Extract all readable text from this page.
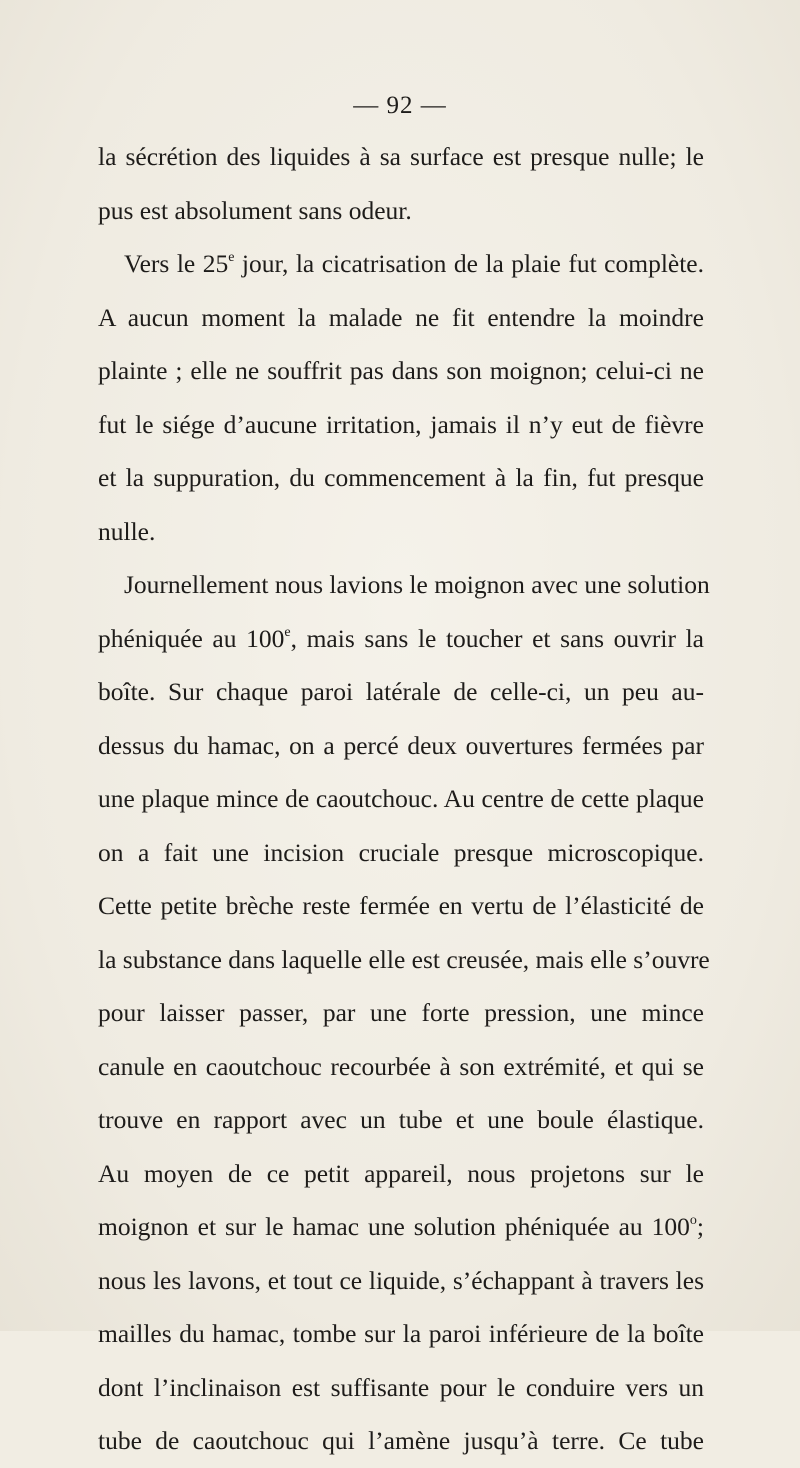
— 92 —
la sécrétion des liquides à sa surface est presque nulle; le
pus est absolument sans odeur.
Vers le 25e jour, la cicatrisation de la plaie fut complète.
A aucun moment la malade ne fit entendre la moindre
plainte ; elle ne souffrit pas dans son moignon; celui-ci ne
fut le siége d’aucune irritation, jamais il n’y eut de fièvre
et la suppuration, du commencement à la fin, fut presque
nulle.
Journellement nous lavions le moignon avec une solution
phéniquée au 100e, mais sans le toucher et sans ouvrir la
boîte. Sur chaque paroi latérale de celle-ci, un peu au-
dessus du hamac, on a percé deux ouvertures fermées par
une plaque mince de caoutchouc. Au centre de cette plaque
on a fait une incision cruciale presque microscopique.
Cette petite brèche reste fermée en vertu de l’élasticité de
la substance dans laquelle elle est creusée, mais elle s’ouvre
pour laisser passer, par une forte pression, une mince
canule en caoutchouc recourbée à son extrémité, et qui se
trouve en rapport avec un tube et une boule élastique.
Au moyen de ce petit appareil, nous projetons sur le
moignon et sur le hamac une solution phéniquée au 100$^o$;
nous les lavons, et tout ce liquide, s’échappant à travers les
mailles du hamac, tombe sur la paroi inférieure de la boîte
dont l’inclinaison est suffisante pour le conduire vers un
tube de caoutchouc qui l’amène jusqu’à terre. Ce tube
